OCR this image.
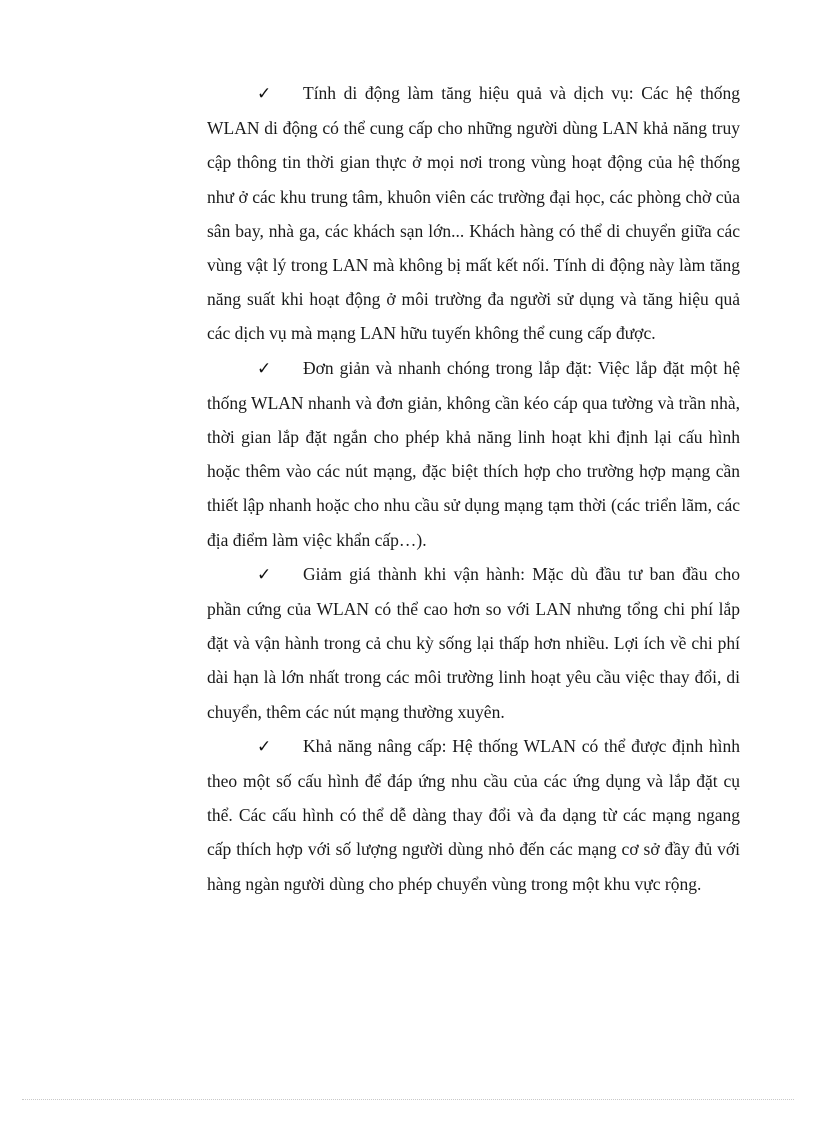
✓ Tính di động làm tăng hiệu quả và dịch vụ: Các hệ thống WLAN di động có thể cung cấp cho những người dùng LAN khả năng truy cập thông tin thời gian thực ở mọi nơi trong vùng hoạt động của hệ thống như ở các khu trung tâm, khuôn viên các trường đại học, các phòng chờ của sân bay, nhà ga, các khách sạn lớn... Khách hàng có thể di chuyển giữa các vùng vật lý trong LAN mà không bị mất kết nối. Tính di động này làm tăng năng suất khi hoạt động ở môi trường đa người sử dụng và tăng hiệu quả các dịch vụ mà mạng LAN hữu tuyến không thể cung cấp được.

✓ Đơn giản và nhanh chóng trong lắp đặt: Việc lắp đặt một hệ thống WLAN nhanh và đơn giản, không cần kéo cáp qua tường và trần nhà, thời gian lắp đặt ngắn cho phép khả năng linh hoạt khi định lại cấu hình hoặc thêm vào các nút mạng, đặc biệt thích hợp cho trường hợp mạng cần thiết lập nhanh hoặc cho nhu cầu sử dụng mạng tạm thời (các triển lãm, các địa điểm làm việc khẩn cấp…).

✓ Giảm giá thành khi vận hành: Mặc dù đầu tư ban đầu cho phần cứng của WLAN có thể cao hơn so với LAN nhưng tổng chi phí lắp đặt và vận hành trong cả chu kỳ sống lại thấp hơn nhiều. Lợi ích về chi phí dài hạn là lớn nhất trong các môi trường linh hoạt yêu cầu việc thay đổi, di chuyển, thêm các nút mạng thường xuyên.

✓ Khả năng nâng cấp: Hệ thống WLAN có thể được định hình theo một số cấu hình để đáp ứng nhu cầu của các ứng dụng và lắp đặt cụ thể. Các cấu hình có thể dễ dàng thay đổi và đa dạng từ các mạng ngang cấp thích hợp với số lượng người dùng nhỏ đến các mạng cơ sở đầy đủ với hàng ngàn người dùng cho phép chuyển vùng trong một khu vực rộng.
